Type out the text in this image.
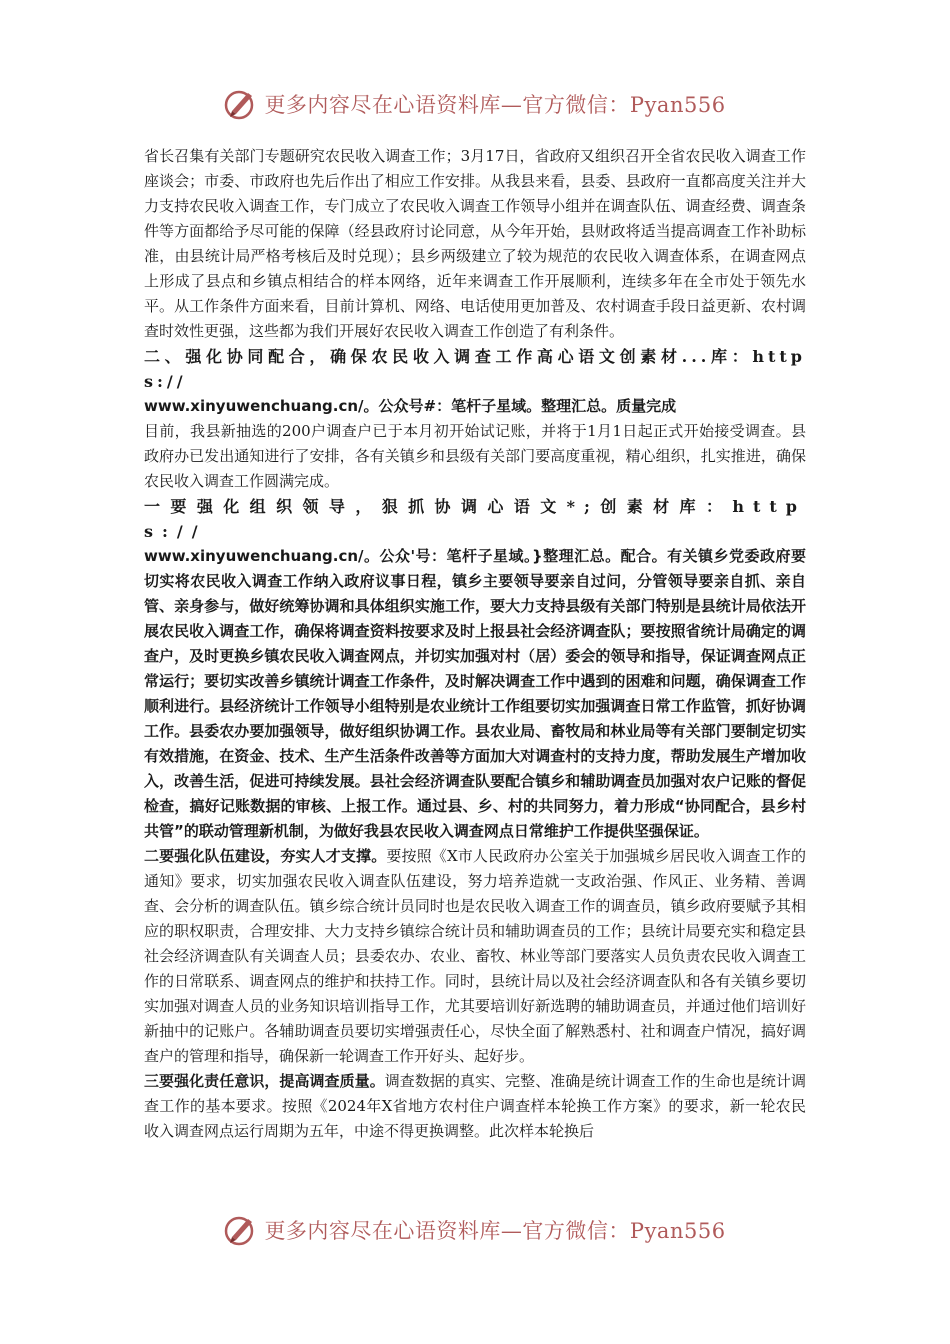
更多内容尽在心语资料库—官方微信：Pyan556

省长召集有关部门专题研究农民收入调查工作；3月17日，省政府又组织召开全省农民收入调查工作座谈会；市委、市政府也先后作出了相应工作安排。从我县来看，县委、县政府一直都高度关注并大力支持农民收入调查工作，专门成立了农民收入调查工作领导小组并在调查队伍、调查经费、调查条件等方面都给予尽可能的保障（经县政府讨论同意，从今年开始，县财政将适当提高调查工作补助标准，由县统计局严格考核后及时兑现）；县乡两级建立了较为规范的农民收入调查体系，在调查网点上形成了县点和乡镇点相结合的样本网络，近年来调查工作开展顺利，连续多年在全市处于领先水平。从工作条件方面来看，目前计算机、网络、电话使用更加普及、农村调查手段日益更新、农村调查时效性更强，这些都为我们开展好农民收入调查工作创造了有利条件。

二、强化协同配合，确保农民收入调查工作高心语文创素材...库：https://

www.xinyuwenchuang.cn/。公众号#：笔杆子星域。整理汇总。质量完成

目前，我县新抽选的200户调查户已于本月初开始试记账，并将于1月1日起正式开始接受调查。县政府办已发出通知进行了安排，各有关镇乡和县级有关部门要高度重视，精心组织，扎实推进，确保农民收入调查工作圆满完成。

一要强化组织领导，狠抓协调心语文*;创素材库：https://

www.xinyuwenchuang.cn/。公众'号：笔杆子星域。}整理汇总。配合。有关镇乡党委政府要切实将农民收入调查工作纳入政府议事日程，镇乡主要领导要亲自过问，分管领导要亲自抓、亲自管、亲身参与，做好统筹协调和具体组织实施工作，要大力支持县级有关部门特别是县统计局依法开展农民收入调查工作，确保将调查资料按要求及时上报县社会经济调查队；要按照省统计局确定的调查户，及时更换乡镇农民收入调查网点，并切实加强对村（居）委会的领导和指导，保证调查网点正常运行；要切实改善乡镇统计调查工作条件，及时解决调查工作中遇到的困难和问题，确保调查工作顺利进行。县经济统计工作领导小组特别是农业统计工作组要切实加强调查日常工作监管，抓好协调工作。县委农办要加强领导，做好组织协调工作。县农业局、畜牧局和林业局等有关部门要制定切实有效措施，在资金、技术、生产生活条件改善等方面加大对调查村的支持力度，帮助发展生产增加收入，改善生活，促进可持续发展。县社会经济调查队要配合镇乡和辅助调查员加强对农户记账的督促检查，搞好记账数据的审核、上报工作。通过县、乡、村的共同努力，着力形成“协同配合，县乡村共管”的联动管理新机制，为做好我县农民收入调查网点日常维护工作提供坚强保证。

二要强化队伍建设，夯实人才支撑。要按照《X市人民政府办公室关于加强城乡居民收入调查工作的通知》要求，切实加强农民收入调查队伍建设，努力培养造就一支政治强、作风正、业务精、善调查、会分析的调查队伍。镇乡综合统计员同时也是农民收入调查工作的调查员，镇乡政府要赋予其相应的职权职责，合理安排、大力支持乡镇综合统计员和辅助调查员的工作；县统计局要充实和稳定县社会经济调查队有关调查人员；县委农办、农业、畜牧、林业等部门要落实人员负责农民收入调查工作的日常联系、调查网点的维护和扶持工作。同时，县统计局以及社会经济调查队和各有关镇乡要切实加强对调查人员的业务知识培训指导工作，尤其要培训好新选聘的辅助调查员，并通过他们培训好新抽中的记账户。各辅助调查员要切实增强责任心，尽快全面了解熟悉村、社和调查户情况，搞好调查户的管理和指导，确保新一轮调查工作开好头、起好步。

三要强化责任意识，提高调查质量。调查数据的真实、完整、准确是统计调查工作的生命也是统计调查工作的基本要求。按照《2024年X省地方农村住户调查样本轮换工作方案》的要求，新一轮农民收入调查网点运行周期为五年，中途不得更换调整。此次样本轮换后

更多内容尽在心语资料库—官方微信：Pyan556
